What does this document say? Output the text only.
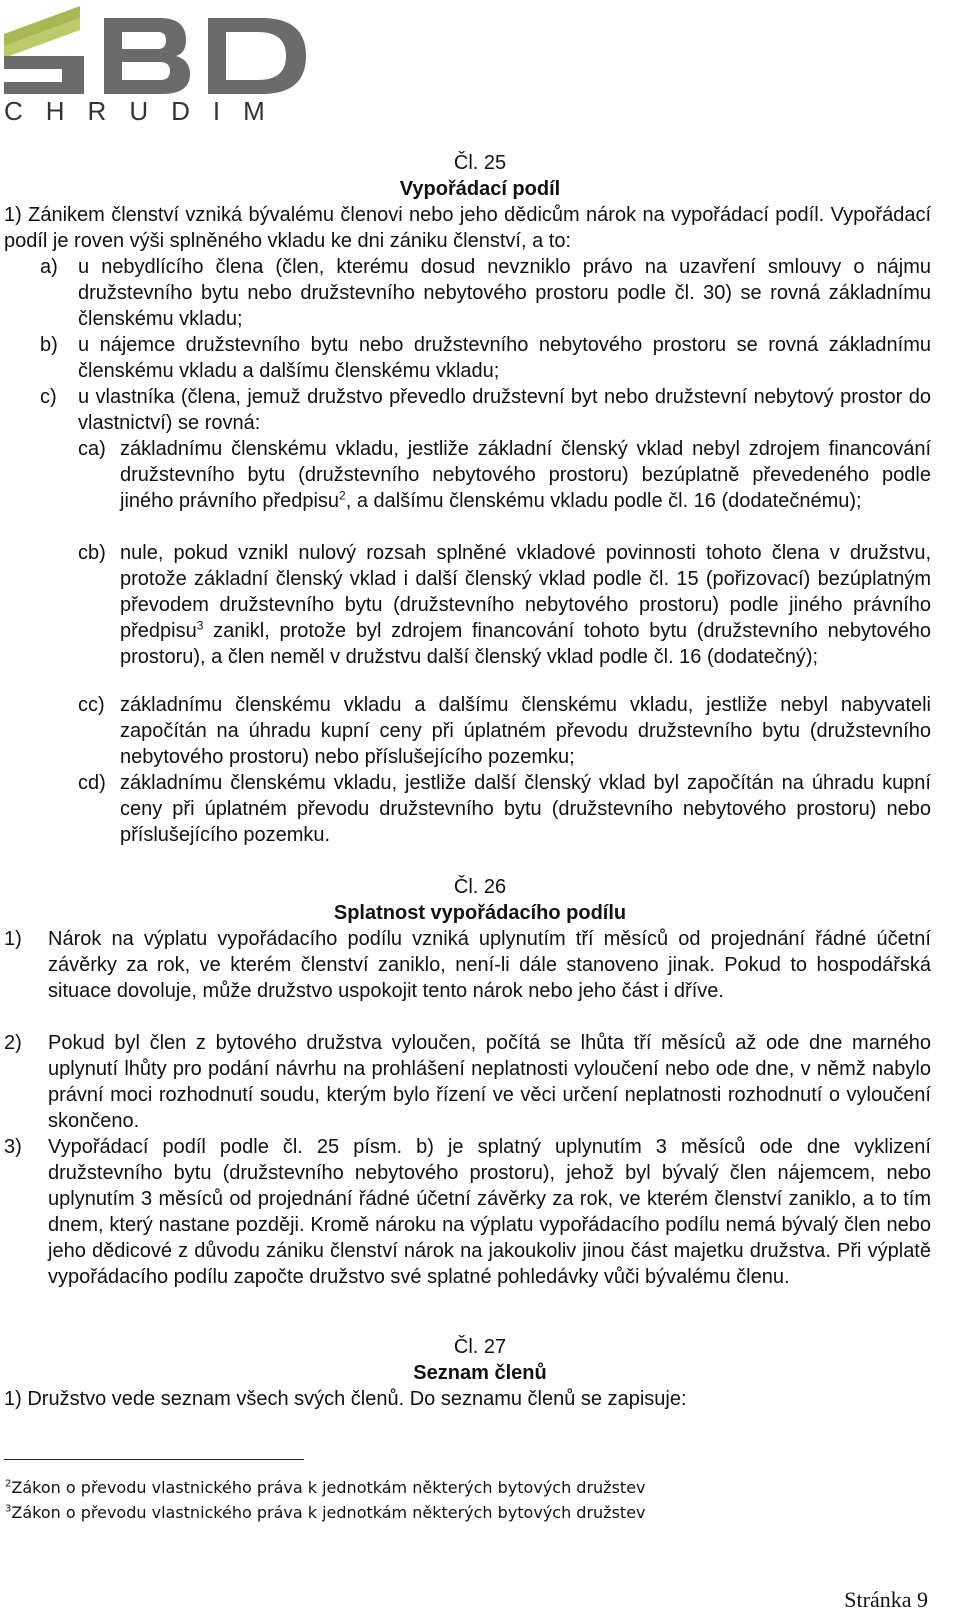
CHRUDIM
Čl. 25
Vypořádací podíl
1) Zánikem členství vzniká bývalému členovi nebo jeho dědicům nárok na vypořádací podíl. Vypořádací podíl je roven výši splněného vkladu ke dni zániku členství, a to:
a) u nebydlícího člena (člen, kterému dosud nevzniklo právo na uzavření smlouvy o nájmu družstevního bytu nebo družstevního nebytového prostoru podle čl. 30) se rovná základnímu členskému vkladu;
b) u nájemce družstevního bytu nebo družstevního nebytového prostoru se rovná základnímu členskému vkladu a dalšímu členskému vkladu;
c) u vlastníka (člena, jemuž družstvo převedlo družstevní byt nebo družstevní nebytový prostor do vlastnictví) se rovná:
ca) základnímu členskému vkladu, jestliže základní členský vklad nebyl zdrojem financování družstevního bytu (družstevního nebytového prostoru) bezúplatně převedeného podle jiného právního předpisu$^2$, a dalšímu členskému vkladu podle čl. 16 (dodatečnému);
cb) nule, pokud vznikl nulový rozsah splněné vkladové povinnosti tohoto člena v družstvu, protože základní členský vklad i další členský vklad podle čl. 15 (pořizovací) bezúplatným převodem družstevního bytu (družstevního nebytového prostoru) podle jiného právního předpisu$^3$ zanikl, protože byl zdrojem financování tohoto bytu (družstevního nebytového prostoru), a člen neměl v družstvu další členský vklad podle čl. 16 (dodatečný);
cc) základnímu členskému vkladu a dalšímu členskému vkladu, jestliže nebyl nabyvateli započítán na úhradu kupní ceny při úplatném převodu družstevního bytu (družstevního nebytového prostoru) nebo příslušejícího pozemku;
cd) základnímu členskému vkladu, jestliže další členský vklad byl započítán na úhradu kupní ceny při úplatném převodu družstevního bytu (družstevního nebytového prostoru) nebo příslušejícího pozemku.
Čl. 26
Splatnost vypořádacího podílu
1) Nárok na výplatu vypořádacího podílu vzniká uplynutím tří měsíců od projednání řádné účetní závěrky za rok, ve kterém členství zaniklo, není-li dále stanoveno jinak. Pokud to hospodářská situace dovoluje, může družstvo uspokojit tento nárok nebo jeho část i dříve.
2) Pokud byl člen z bytového družstva vyloučen, počítá se lhůta tří měsíců až ode dne marného uplynutí lhůty pro podání návrhu na prohlášení neplatnosti vyloučení nebo ode dne, v němž nabylo právní moci rozhodnutí soudu, kterým bylo řízení ve věci určení neplatnosti rozhodnutí o vyloučení skončeno.
3) Vypořádací podíl podle čl. 25 písm. b) je splatný uplynutím 3 měsíců ode dne vyklizení družstevního bytu (družstevního nebytového prostoru), jehož byl bývalý člen nájemcem, nebo uplynutím 3 měsíců od projednání řádné účetní závěrky za rok, ve kterém členství zaniklo, a to tím dnem, který nastane později. Kromě nároku na výplatu vypořádacího podílu nemá bývalý člen nebo jeho dědicové z důvodu zániku členství nárok na jakoukoliv jinou část majetku družstva. Při výplatě vypořádacího podílu započte družstvo své splatné pohledávky vůči bývalému členu.
Čl. 27
Seznam členů
1) Družstvo vede seznam všech svých členů. Do seznamu členů se zapisuje:
$^2$Zákon o převodu vlastnického práva k jednotkám některých bytových družstev
$^3$Zákon o převodu vlastnického práva k jednotkám některých bytových družstev
Stránka 9
